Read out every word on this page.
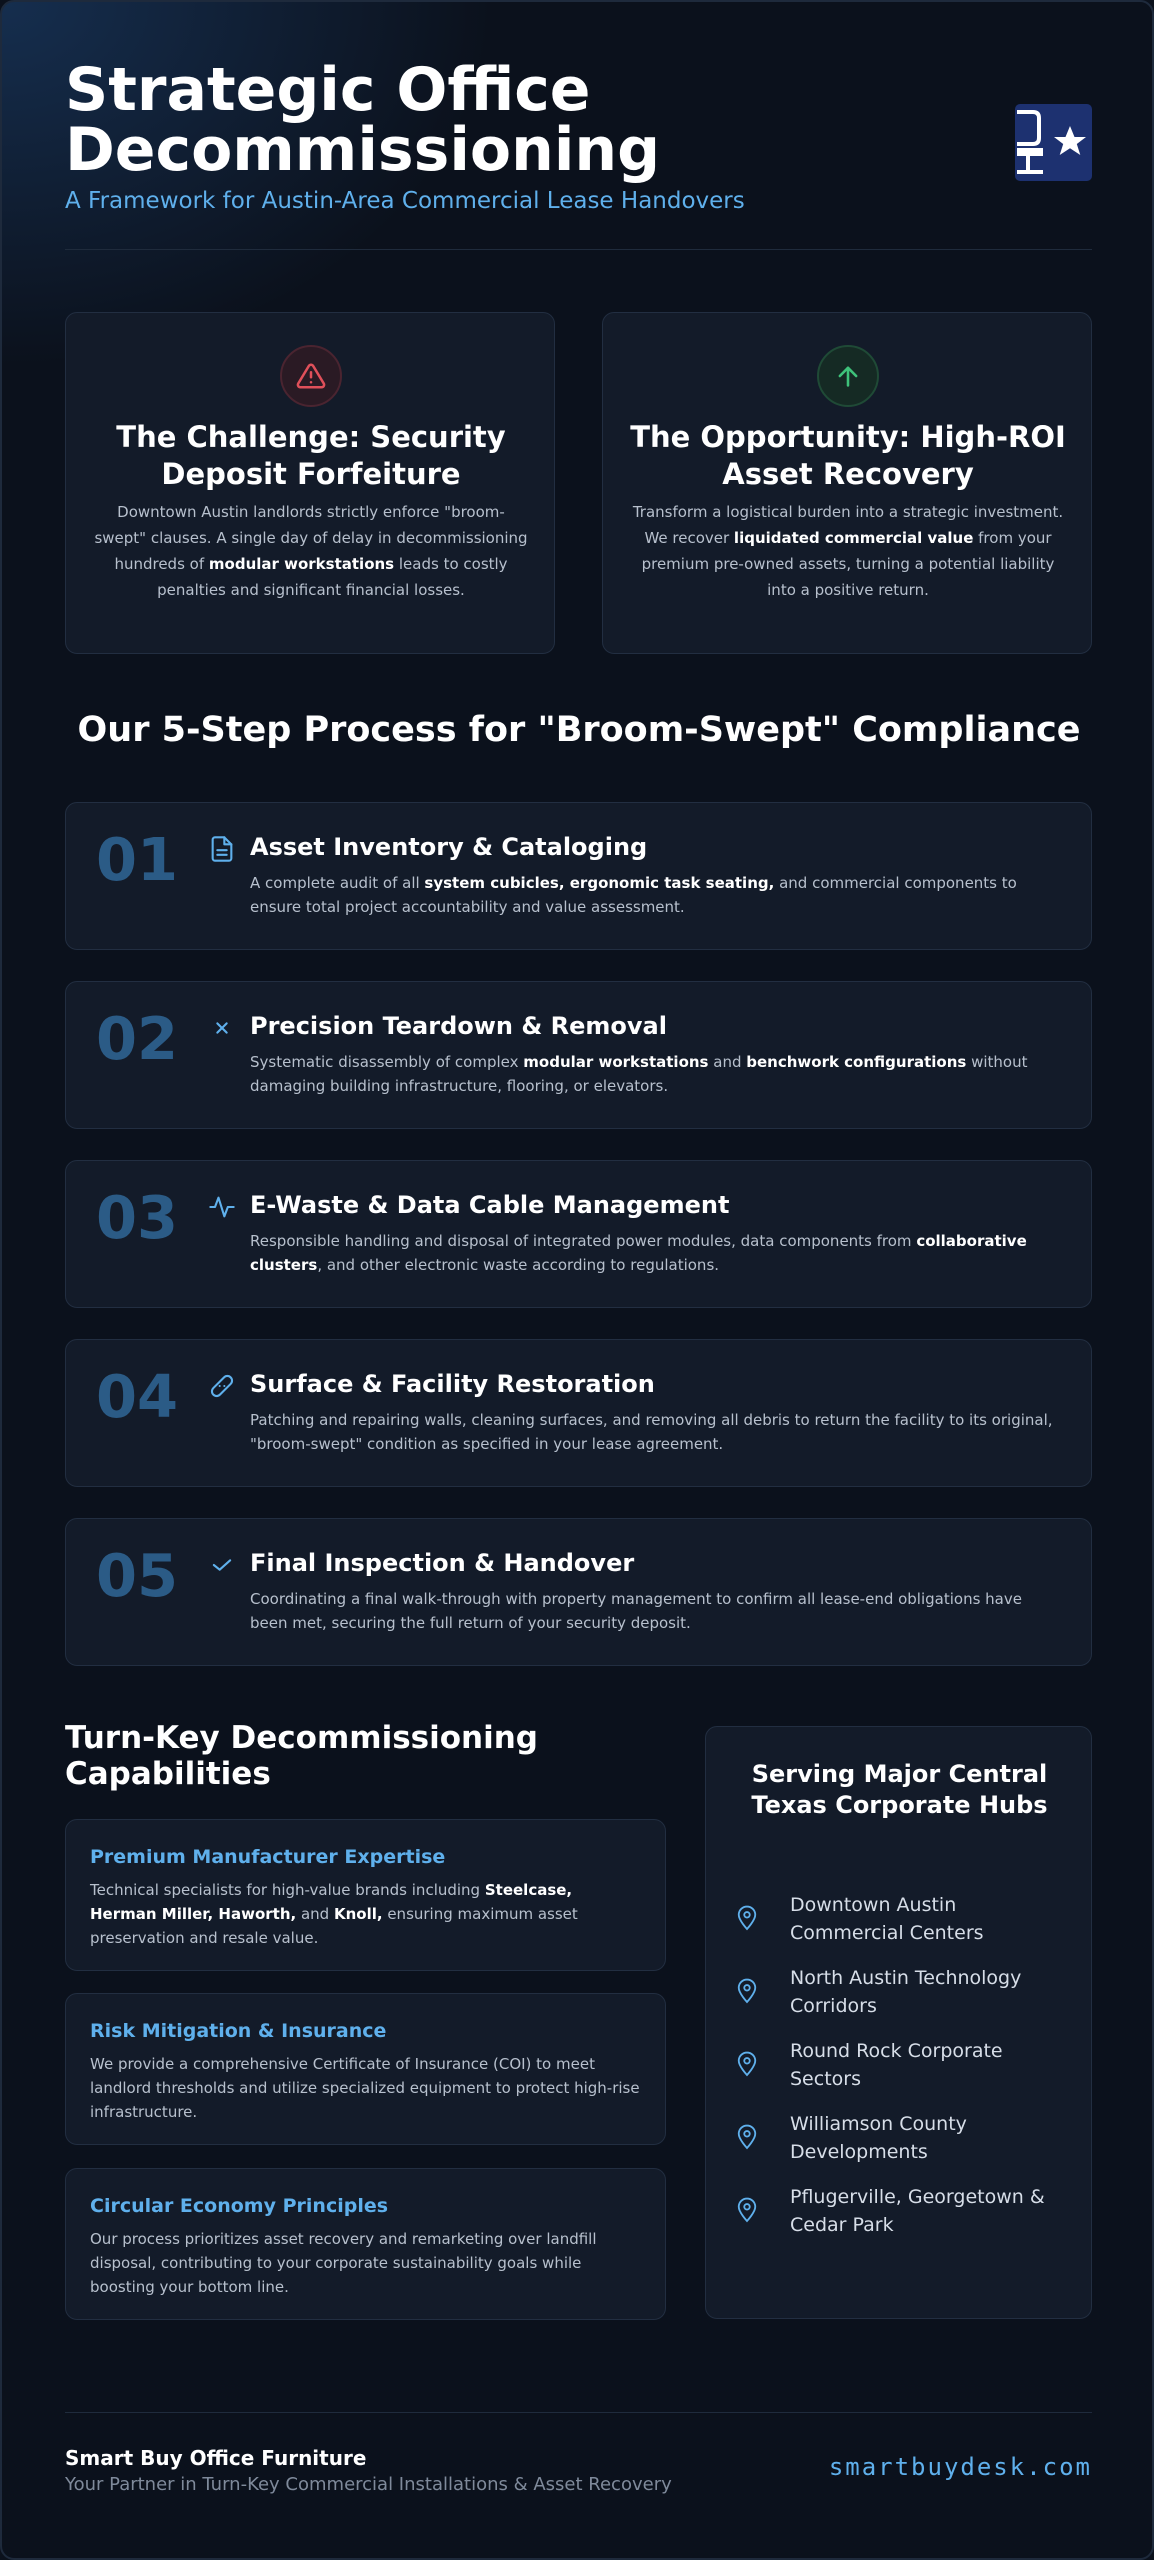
Strategic Office Decommissioning
A Framework for Austin-Area Commercial Lease Handovers
The Challenge: Security Deposit Forfeiture

Downtown Austin landlords strictly enforce "broom-swept" clauses. A single day of delay in decommissioning hundreds of modular workstations leads to costly penalties and significant financial losses.

The Opportunity: High-ROI Asset Recovery

Transform a logistical burden into a strategic investment. We recover liquidated commercial value from your premium pre-owned assets, turning a potential liability into a positive return.

Our 5-Step Process for "Broom-Swept" Compliance
01	Asset Inventory & Cataloging

A complete audit of all system cubicles, ergonomic task seating, and commercial components to ensure total project accountability and value assessment.

02	Precision Teardown & Removal

Systematic disassembly of complex modular workstations and benchwork configurations without damaging building infrastructure, flooring, or elevators.

03	E-Waste & Data Cable Management

Responsible handling and disposal of integrated power modules, data components from collaborative clusters, and other electronic waste according to regulations.

04	Surface & Facility Restoration

Patching and repairing walls, cleaning surfaces, and removing all debris to return the facility to its original, "broom-swept" condition as specified in your lease agreement.

05	Final Inspection & Handover

Coordinating a final walk-through with property management to confirm all lease-end obligations have been met, securing the full return of your security deposit.

Turn-Key Decommissioning Capabilities
Premium Manufacturer Expertise

Technical specialists for high-value brands including Steelcase, Herman Miller, Haworth, and Knoll, ensuring maximum asset preservation and resale value.

Risk Mitigation & Insurance

We provide a comprehensive Certificate of Insurance (COI) to meet landlord thresholds and utilize specialized equipment to protect high-rise infrastructure.

Circular Economy Principles

Our process prioritizes asset recovery and remarketing over landfill disposal, contributing to your corporate sustainability goals while boosting your bottom line.

Serving Major Central Texas Corporate Hubs
Downtown Austin Commercial Centers
North Austin Technology Corridors
Round Rock Corporate Sectors
Williamson County Developments
Pflugerville, Georgetown & Cedar Park
Smart Buy Office Furniture
Your Partner in Turn-Key Commercial Installations & Asset Recovery
smartbuydesk.com
